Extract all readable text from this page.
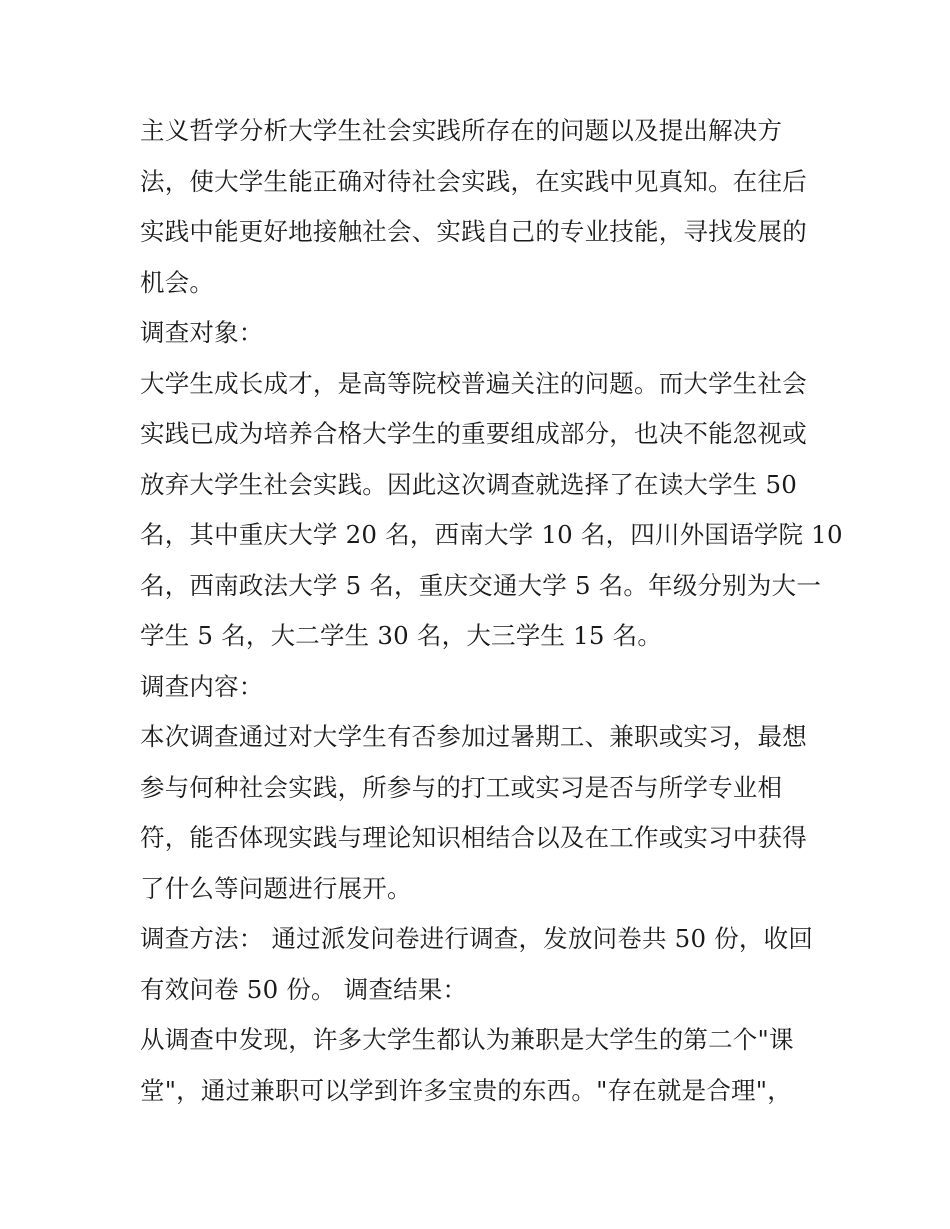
主义哲学分析大学生社会实践所存在的问题以及提出解决方
法，使大学生能正确对待社会实践，在实践中见真知。在往后
实践中能更好地接触社会、实践自己的专业技能，寻找发展的
机会。
调查对象：
大学生成长成才，是高等院校普遍关注的问题。而大学生社会
实践已成为培养合格大学生的重要组成部分，也决不能忽视或
放弃大学生社会实践。因此这次调查就选择了在读大学生 50
名，其中重庆大学 20 名，西南大学 10 名，四川外国语学院 10
名，西南政法大学 5 名，重庆交通大学 5 名。年级分别为大一
学生 5 名，大二学生 30 名，大三学生 15 名。
调查内容：
本次调查通过对大学生有否参加过暑期工、兼职或实习，最想
参与何种社会实践，所参与的打工或实习是否与所学专业相
符，能否体现实践与理论知识相结合以及在工作或实习中获得
了什么等问题进行展开。
调查方法： 通过派发问卷进行调查，发放问卷共 50 份，收回
有效问卷 50 份。 调查结果：
从调查中发现，许多大学生都认为兼职是大学生的第二个"课
堂"，通过兼职可以学到许多宝贵的东西。"存在就是合理"，
